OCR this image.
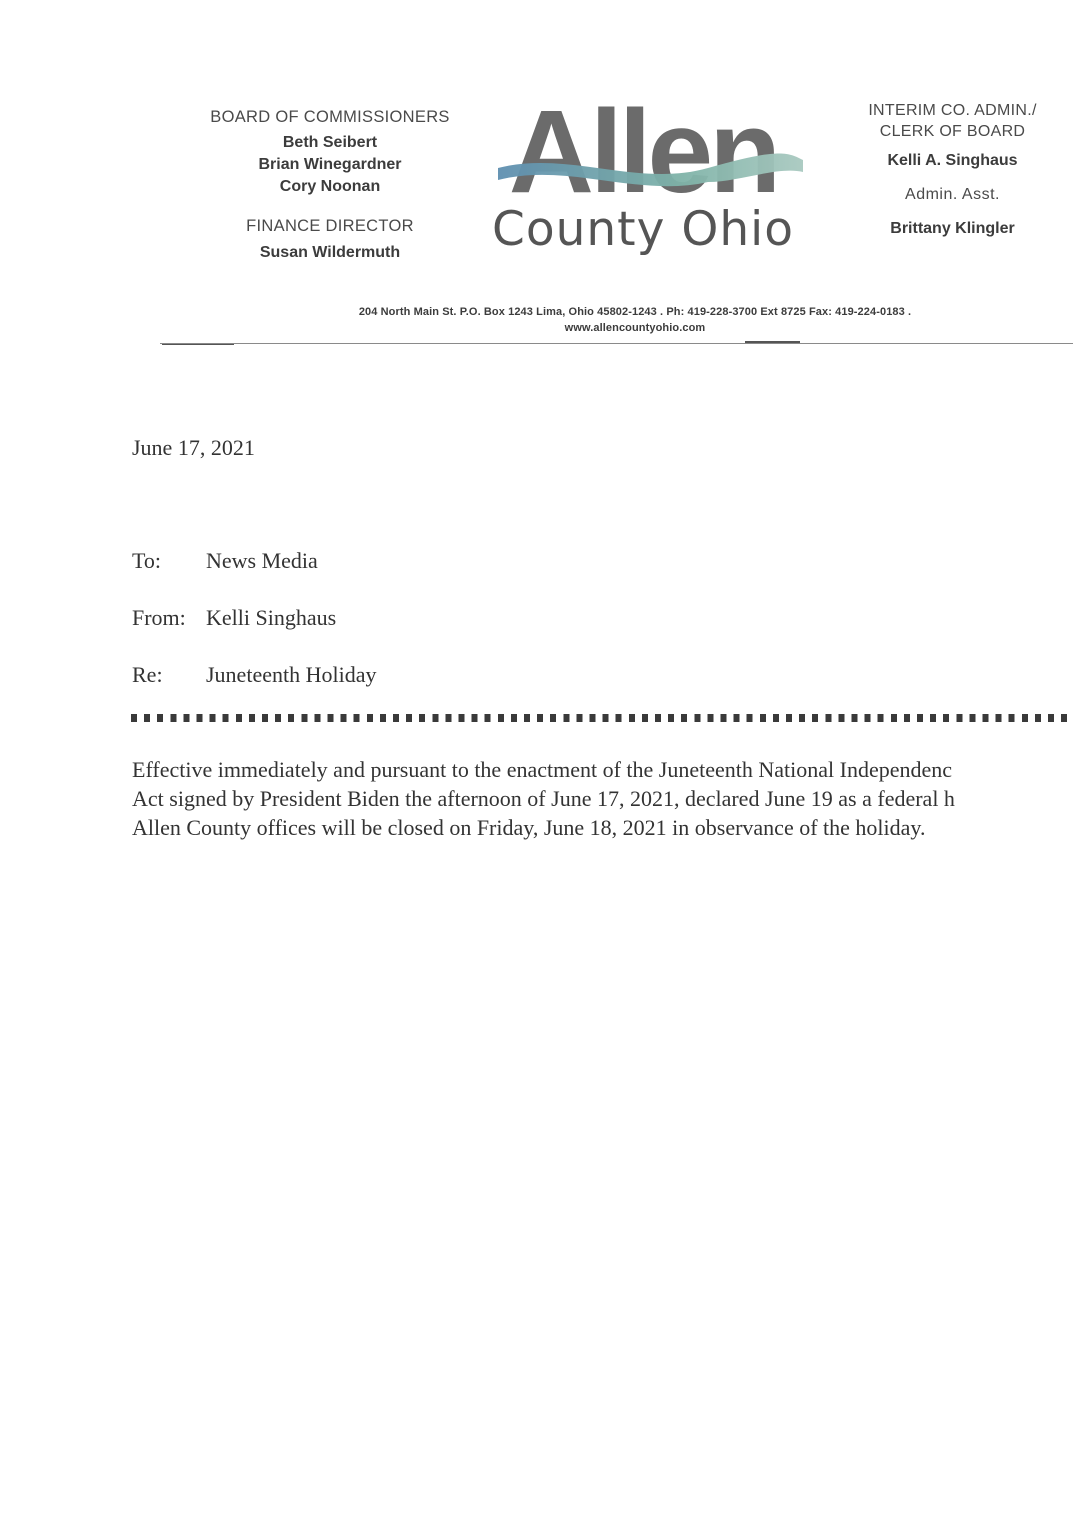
BOARD OF COMMISSIONERS
Beth Seibert
Brian Winegardner
Cory Noonan
FINANCE DIRECTOR
Susan Wildermuth
Allen
County Ohio
INTERIM CO. ADMIN./
CLERK OF BOARD
Kelli A. Singhaus
Admin. Asst.
Brittany Klingler
204 North Main St. P.O. Box 1243 Lima, Ohio 45802-1243 . Ph: 419-228-3700 Ext 8725 Fax: 419-224-0183 .
www.allencountyohio.com
June 17, 2021
To: News Media
From: Kelli Singhaus
Re: Juneteenth Holiday
Effective immediately and pursuant to the enactment of the Juneteenth National Independenc
Act signed by President Biden the afternoon of June 17, 2021, declared June 19 as a federal h
Allen County offices will be closed on Friday, June 18, 2021 in observance of the holiday.
